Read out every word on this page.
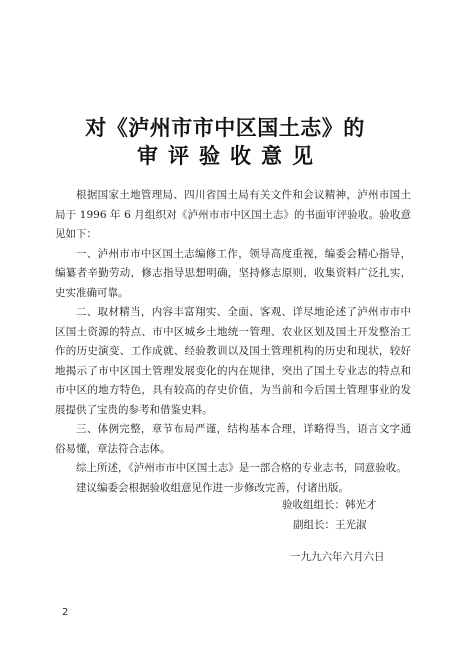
对《泸州市市中区国土志》的
审评验收意见

根据国家土地管理局、四川省国土局有关文件和会议精神，泸州市国土局于 1996 年 6 月组织对《泸州市市中区国土志》的书面审评验收。验收意见如下：

一、泸州市市中区国土志编修工作，领导高度重视，编委会精心指导，编纂者辛勤劳动，修志指导思想明确，坚持修志原则，收集资料广泛扎实，史实准确可靠。

二、取材精当，内容丰富翔实、全面、客观、详尽地论述了泸州市市中区国土资源的特点、市中区城乡土地统一管理、农业区划及国土开发整治工作的历史演变、工作成就、经验教训以及国土管理机构的历史和现状，较好地揭示了市中区国土管理发展变化的内在规律，突出了国土专业志的特点和市中区的地方特色，具有较高的存史价值，为当前和今后国土管理事业的发展提供了宝贵的参考和借鉴史料。

三、体例完整，章节布局严谨，结构基本合理，详略得当，语言文字通俗易懂，章法符合志体。

综上所述，《泸州市市中区国土志》是一部合格的专业志书，同意验收。

建议编委会根据验收组意见作进一步修改完善，付诸出版。

验收组组长：韩光才
副组长：王光淑
一九九六年六月六日
2
